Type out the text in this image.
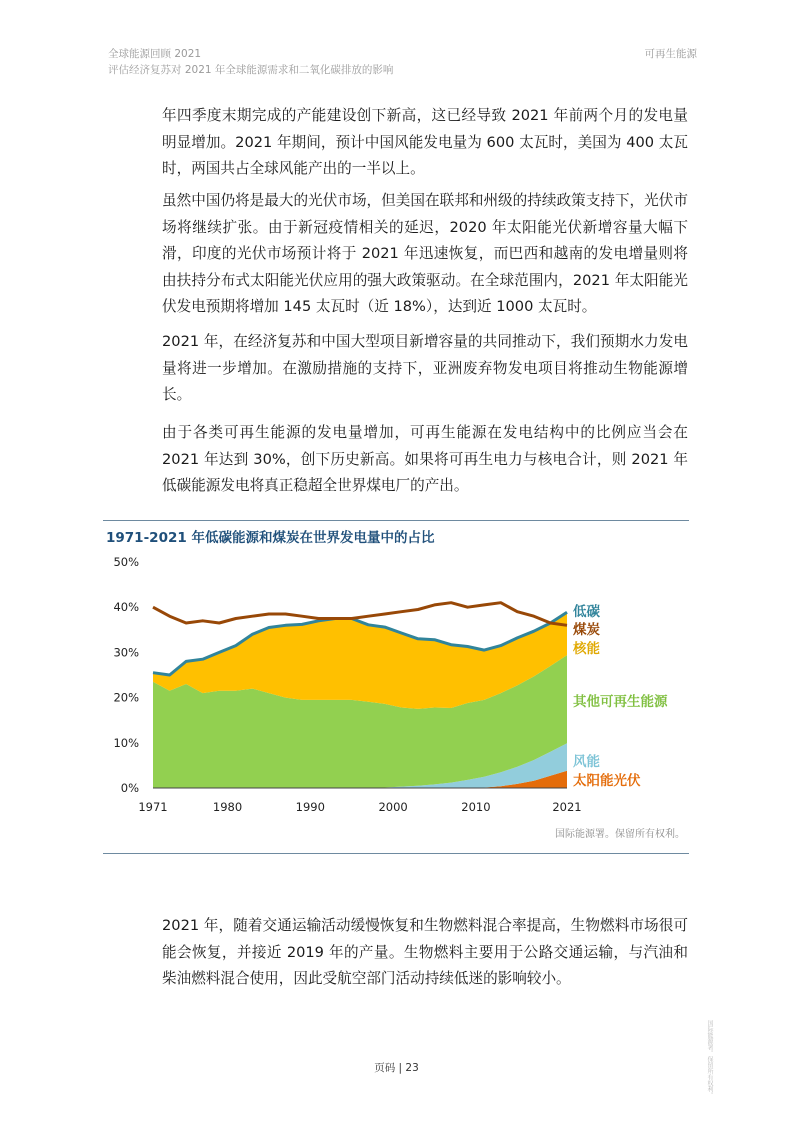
全球能源回顾 2021
评估经济复苏对 2021 年全球能源需求和二氧化碳排放的影响
可再生能源

年四季度末期完成的产能建设创下新高，这已经导致 2021 年前两个月的发电量明显增加。2021 年期间，预计中国风能发电量为 600 太瓦时，美国为 400 太瓦时，两国共占全球风能产出的一半以上。

虽然中国仍将是最大的光伏市场，但美国在联邦和州级的持续政策支持下，光伏市场将继续扩张。由于新冠疫情相关的延迟，2020 年太阳能光伏新增容量大幅下滑，印度的光伏市场预计将于 2021 年迅速恢复，而巴西和越南的发电增量则将由扶持分布式太阳能光伏应用的强大政策驱动。在全球范围内，2021 年太阳能光伏发电预期将增加 145 太瓦时（近 18%），达到近 1000 太瓦时。

2021 年，在经济复苏和中国大型项目新增容量的共同推动下，我们预期水力发电量将进一步增加。在激励措施的支持下，亚洲废弃物发电项目将推动生物能源增长。

由于各类可再生能源的发电量增加，可再生能源在发电结构中的比例应当会在 2021 年达到 30%，创下历史新高。如果将可再生电力与核电合计，则 2021 年低碳能源发电将真正稳超全世界煤电厂的产出。

1971-2021 年低碳能源和煤炭在世界发电量中的占比
0%
10%
20%
30%
40%
50%
1971	1980	1990	2000	2010	2021
低碳
煤炭
核能
其他可再生能源
风能
太阳能光伏
国际能源署。保留所有权利。

2021 年，随着交通运输活动缓慢恢复和生物燃料混合率提高，生物燃料市场很可能会恢复，并接近 2019 年的产量。生物燃料主要用于公路交通运输，与汽油和柴油燃料混合使用，因此受航空部门活动持续低迷的影响较小。

页码 | 23	国际能源署。保留所有权利。
